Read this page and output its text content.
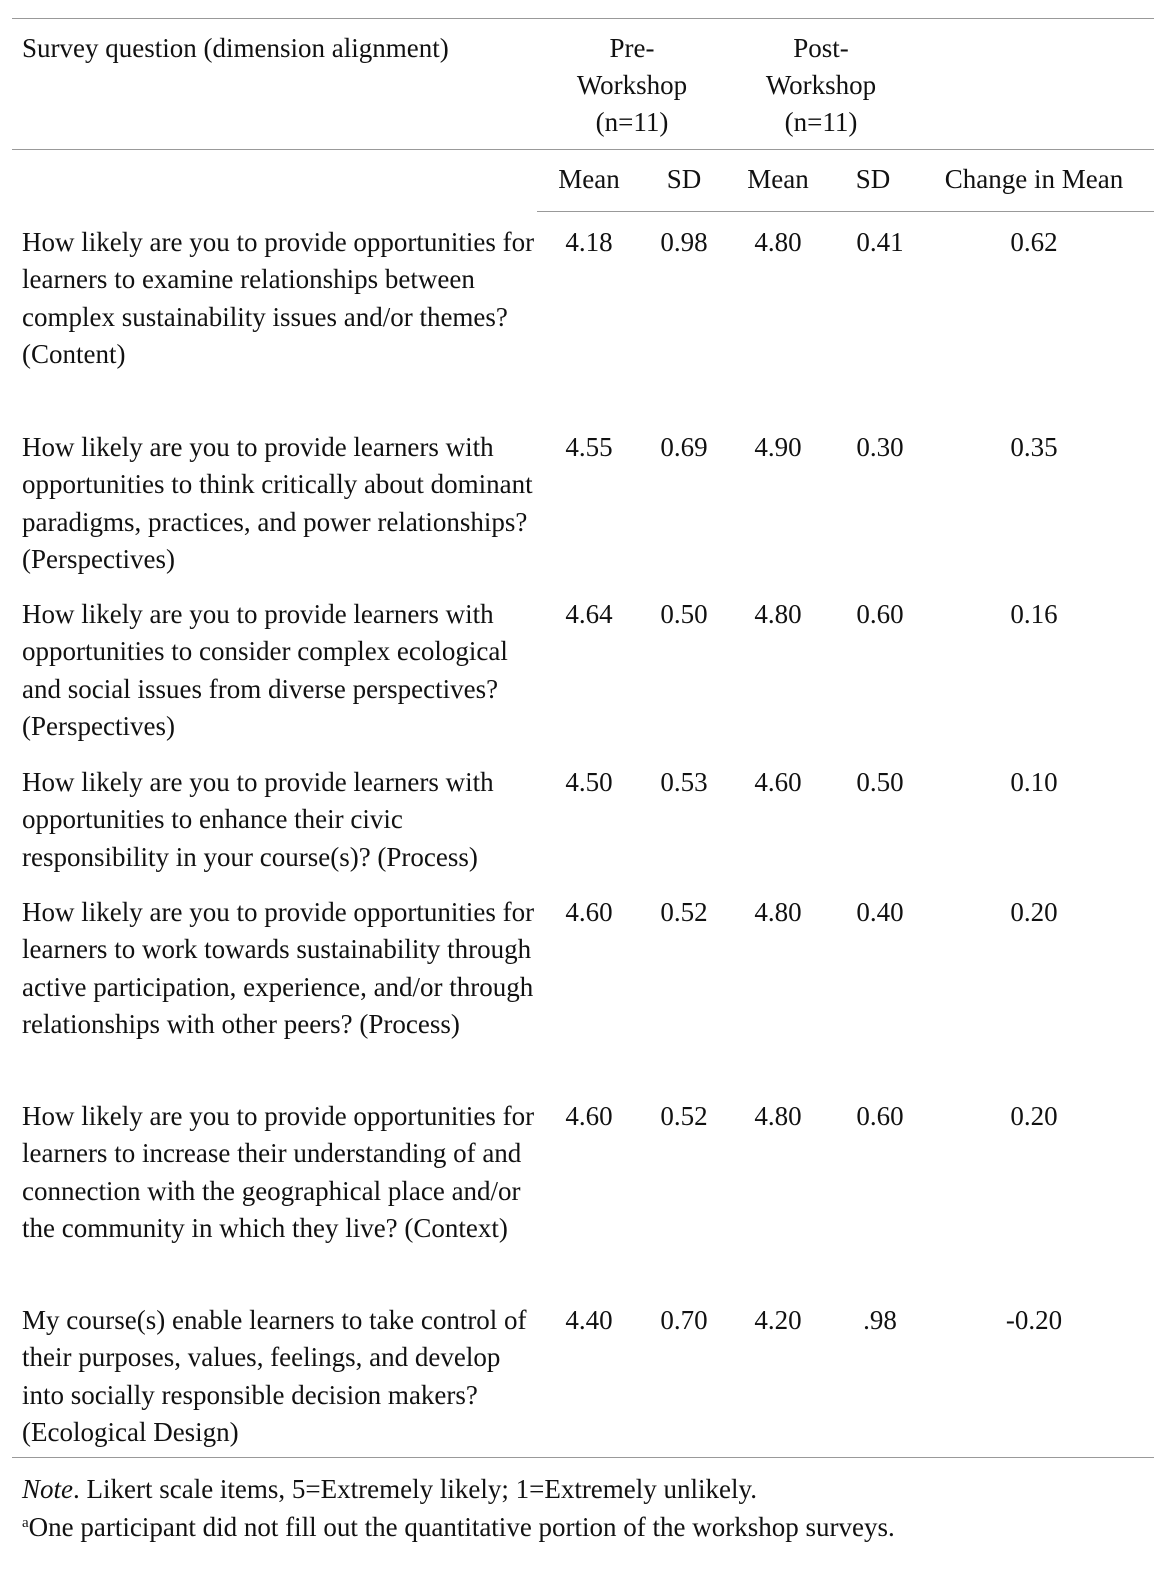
Survey question (dimension alignment)	Pre-
Workshop
(n=11)
Post-
Workshop
(n=11)
Mean	SD	Mean	SD	Change in Mean
How likely are you to provide opportunities for learners to examine relationships between complex sustainability issues and/or themes? (Content)
4.18	0.98	4.80	0.41	0.62
How likely are you to provide learners with opportunities to think critically about dominant paradigms, practices, and power relationships? (Perspectives)
4.55	0.69	4.90	0.30	0.35
How likely are you to provide learners with opportunities to consider complex ecological and social issues from diverse perspectives? (Perspectives)
4.64	0.50	4.80	0.60	0.16
How likely are you to provide learners with opportunities to enhance their civic responsibility in your course(s)? (Process)
4.50	0.53	4.60	0.50	0.10
How likely are you to provide opportunities for learners to work towards sustainability through active participation, experience, and/or through relationships with other peers? (Process)
4.60	0.52	4.80	0.40	0.20
How likely are you to provide opportunities for learners to increase their understanding of and connection with the geographical place and/or the community in which they live? (Context)
4.60	0.52	4.80	0.60	0.20
My course(s) enable learners to take control of their purposes, values, feelings, and develop into socially responsible decision makers? (Ecological Design)
4.40	0.70	4.20	.98	-0.20
Note. Likert scale items, 5=Extremely likely; 1=Extremely unlikely.
$^a$One participant did not fill out the quantitative portion of the workshop surveys.
